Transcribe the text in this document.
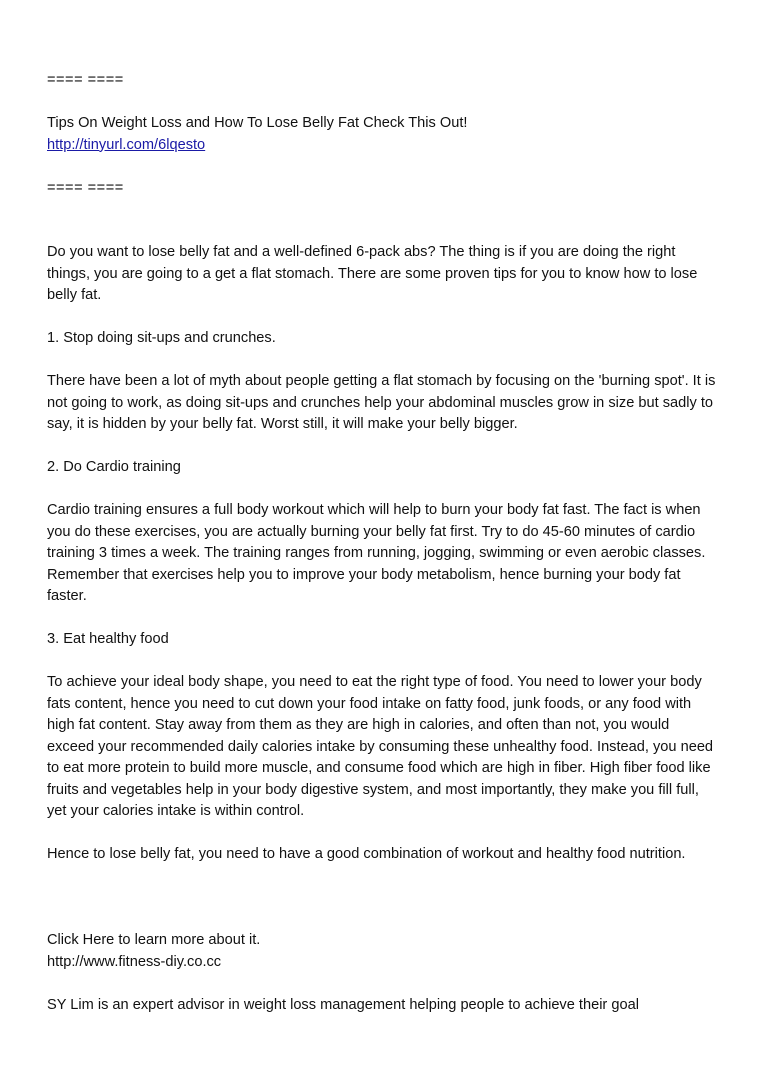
==== ====

Tips On Weight Loss and How To Lose Belly Fat Check This Out!

http://tinyurl.com/6lqesto

==== ====

Do you want to lose belly fat and a well-defined 6-pack abs? The thing is if you are doing the right things, you are going to a get a flat stomach. There are some proven tips for you to know how to lose belly fat.

1. Stop doing sit-ups and crunches.

There have been a lot of myth about people getting a flat stomach by focusing on the 'burning spot'. It is not going to work, as doing sit-ups and crunches help your abdominal muscles grow in size but sadly to say, it is hidden by your belly fat. Worst still, it will make your belly bigger.

2. Do Cardio training

Cardio training ensures a full body workout which will help to burn your body fat fast. The fact is when you do these exercises, you are actually burning your belly fat first. Try to do 45-60 minutes of cardio training 3 times a week. The training ranges from running, jogging, swimming or even aerobic classes. Remember that exercises help you to improve your body metabolism, hence burning your body fat faster.

3. Eat healthy food

To achieve your ideal body shape, you need to eat the right type of food. You need to lower your body fats content, hence you need to cut down your food intake on fatty food, junk foods, or any food with high fat content. Stay away from them as they are high in calories, and often than not, you would exceed your recommended daily calories intake by consuming these unhealthy food. Instead, you need to eat more protein to build more muscle, and consume food which are high in fiber. High fiber food like fruits and vegetables help in your body digestive system, and most importantly, they make you fill full, yet your calories intake is within control.

Hence to lose belly fat, you need to have a good combination of workout and healthy food nutrition.

Click Here to learn more about it.

http://www.fitness-diy.co.cc

SY Lim is an expert advisor in weight loss management helping people to achieve their goal
